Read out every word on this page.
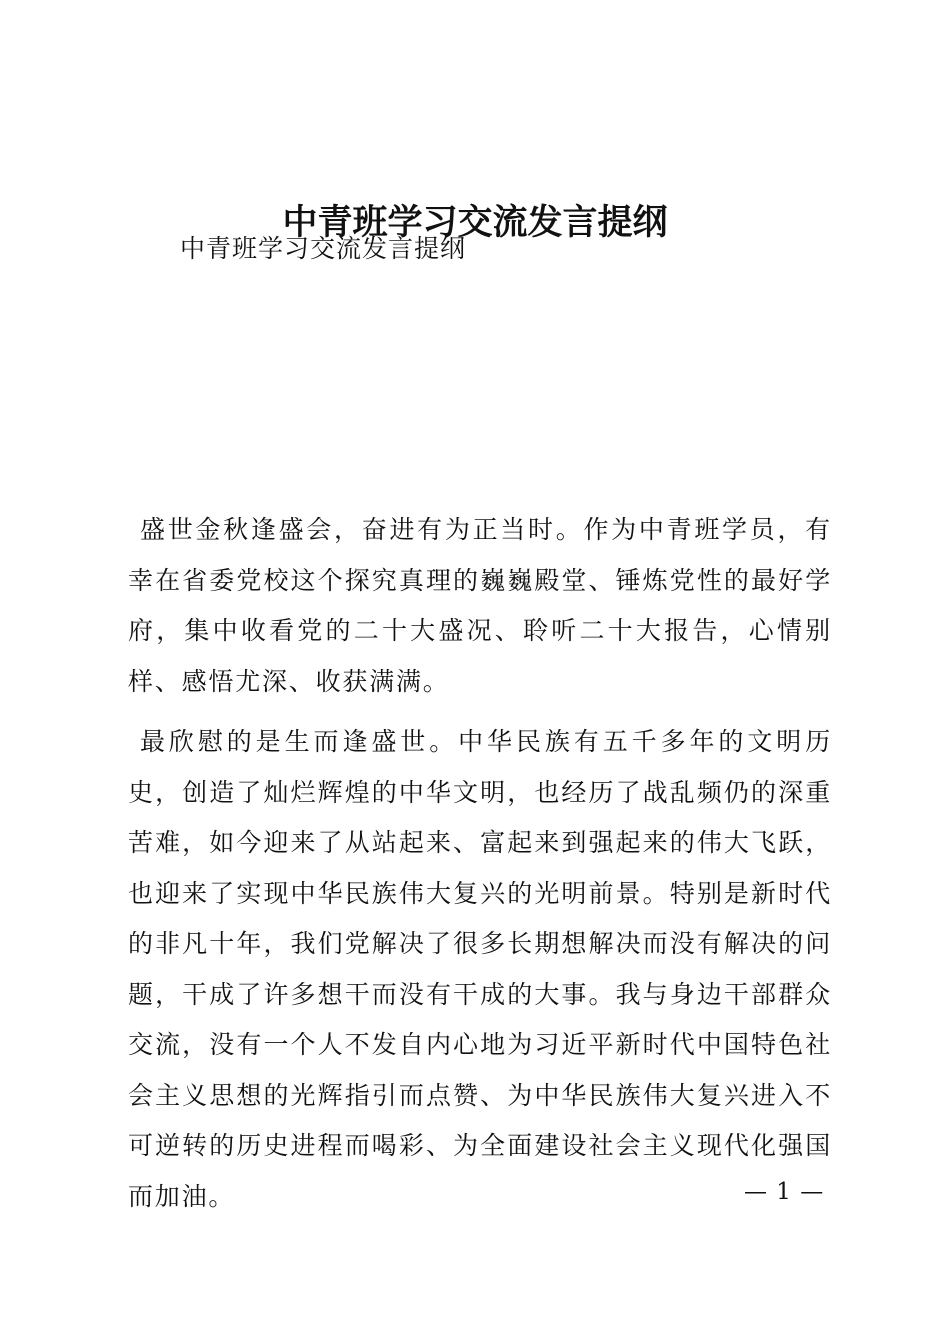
中青班学习交流发言提纲
中青班学习交流发言提纲

盛世金秋逢盛会，奋进有为正当时。作为中青班学员，有幸在省委党校这个探究真理的巍巍殿堂、锤炼党性的最好学府，集中收看党的二十大盛况、聆听二十大报告，心情别样、感悟尤深、收获满满。

最欣慰的是生而逢盛世。中华民族有五千多年的文明历史，创造了灿烂辉煌的中华文明，也经历了战乱频仍的深重苦难，如今迎来了从站起来、富起来到强起来的伟大飞跃，也迎来了实现中华民族伟大复兴的光明前景。特别是新时代的非凡十年，我们党解决了很多长期想解决而没有解决的问题，干成了许多想干而没有干成的大事。我与身边干部群众交流，没有一个人不发自内心地为习近平新时代中国特色社会主义思想的光辉指引而点赞、为中华民族伟大复兴进入不可逆转的历史进程而喝彩、为全面建设社会主义现代化强国而加油。	— 1 —
